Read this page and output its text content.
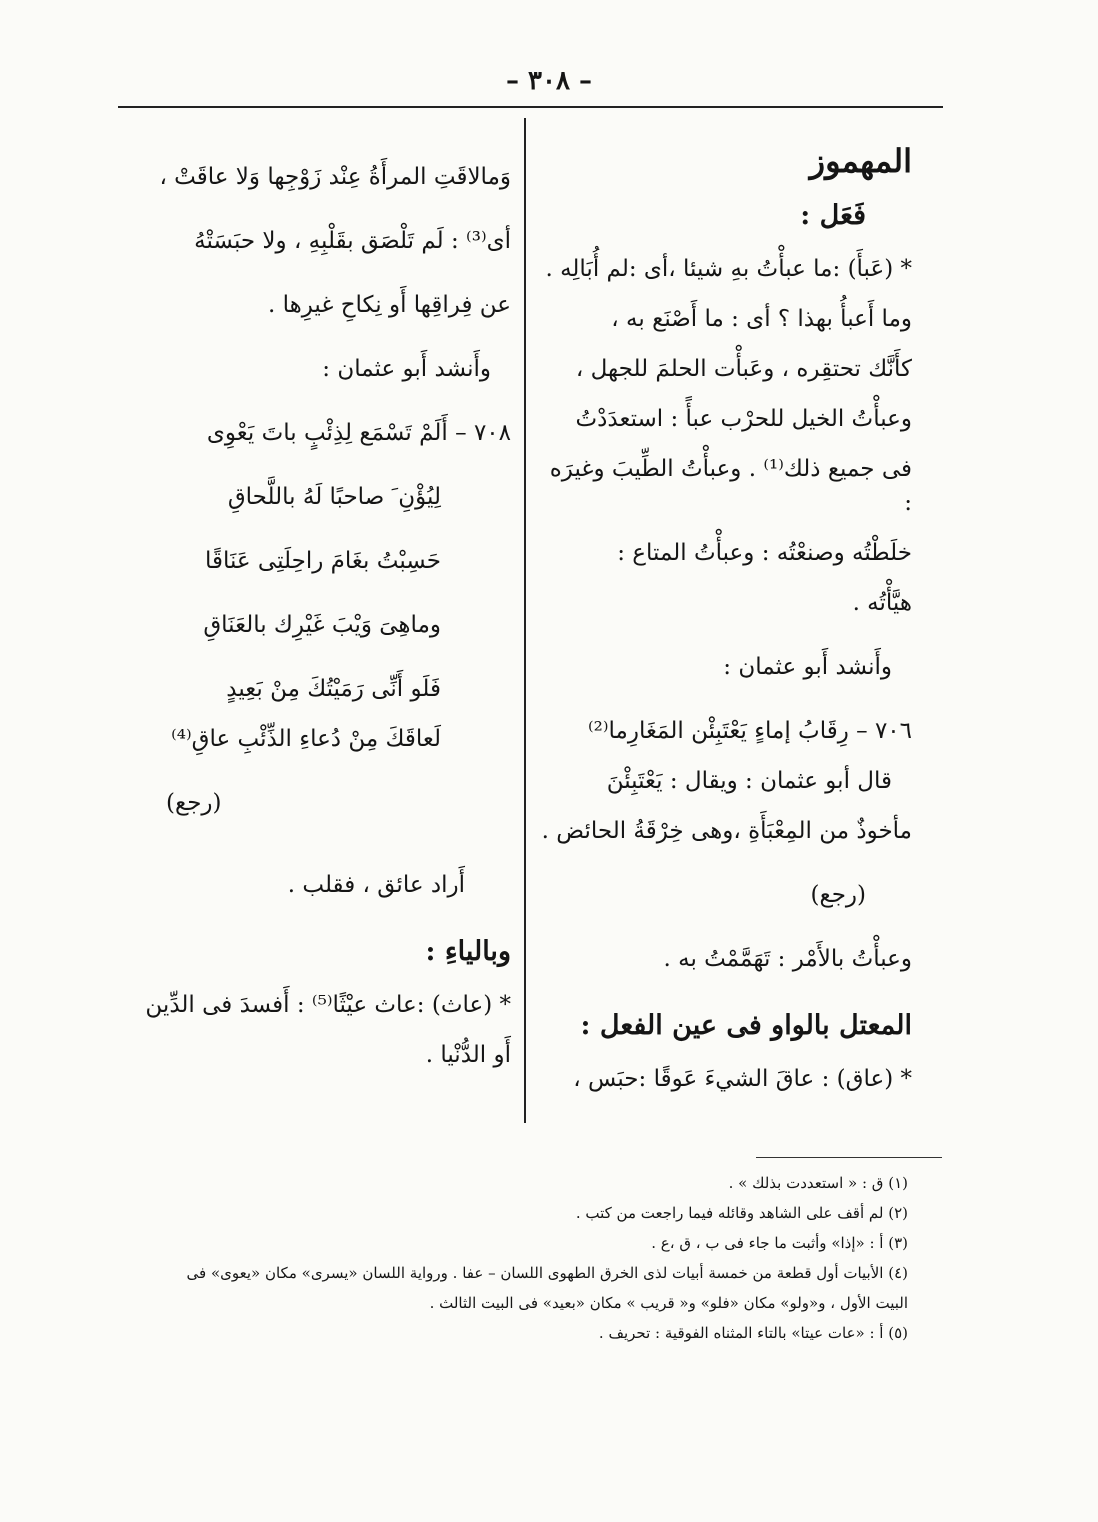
– ٣٠٨ –

المهموز

فَعَل :

* (عَبأَ) :ما عبأْتُ بهِ شيئا ،أى :لم أُبَالِه .

وما أَعبأُ بهذا ؟ أى : ما أَصْنَع به ،

كأَنَّك تحتقِره ، وعَبأْت الحلمَ للجهل ،

وعبأْتُ الخيل للحرْب عبأً : استعدَدْتُ

فى جميع ذلك⁽¹⁾ . وعبأْتُ الطِّيبَ وغيرَه :

خلَطْتُه وصنعْتُه : وعبأْتُ المتاع :

هيَّأْتُه .

وأَنشد أَبو عثمان :

٧٠٦ – رِقَابُ إماءٍ يَعْتَبِئْن المَغَارِما⁽²⁾

قال أبو عثمان : ويقال : يَعْتَبِئْنَ

مأخوذٌ من المِعْبَأَةِ ،وهى خِرْقَةُ الحائض .

(رجع)

وعبأْتُ بالأَمْر : تَهَمَّمْتُ به .

المعتل بالواو فى عين الفعل :

* (عاق) : عاقَ الشيءَ عَوقًا :حبَس ،

وَمالاقَتِ المرأَةُ عِنْد زَوْجِها وَلا عاقَتْ ،

أى⁽³⁾ : لَم تَلْصَق بقَلْبِهِ ، ولا حبَسَتْهُ

عن فِراقِها أَو نِكاحِ غيرِها .

وأَنشد أَبو عثمان :

٧٠٨ – أَلَمْ تَسْمَع لِذِئْبٍ باتَ يَعْوِى

لِيُؤْنِ َ صاحبًا لَهُ باللَّحاقِ

حَسِبْتُ بغَامَ راحِلَتِى عَنَاقًا

وماهِىَ وَيْبَ غَيْرِك بالعَنَاقِ

فَلَو أَنِّى رَمَيْتُكَ مِنْ بَعِيدٍ

لَعاقَكَ مِنْ دُعاءِ الذِّئْبِ عاقِ⁽⁴⁾

(رجع)

أَراد عائق ، فقلب .

وبالياءِ :

* (عاث) :عاث عيْثًا⁽⁵⁾ : أَفسدَ فى الدِّين

أَو الدُّنْيا .

(١) ق : « استعددت بذلك » .

(٢) لم أقف على الشاهد وقائله فيما راجعت من كتب .

(٣) أ : «إذا» وأثبت ما جاء فى ب ، ق ،ع .

(٤) الأبيات أول قطعة من خمسة أبيات لذى الخرق الطهوى اللسان – عفا . ورواية اللسان «يسرى» مكان «يعوى» فى

البيت الأول ، و«ولو» مكان «فلو» و« قريب » مكان «بعيد» فى البيت الثالث .

(٥) أ : «عات عيتا» بالتاء المثناه الفوقية : تحريف .
